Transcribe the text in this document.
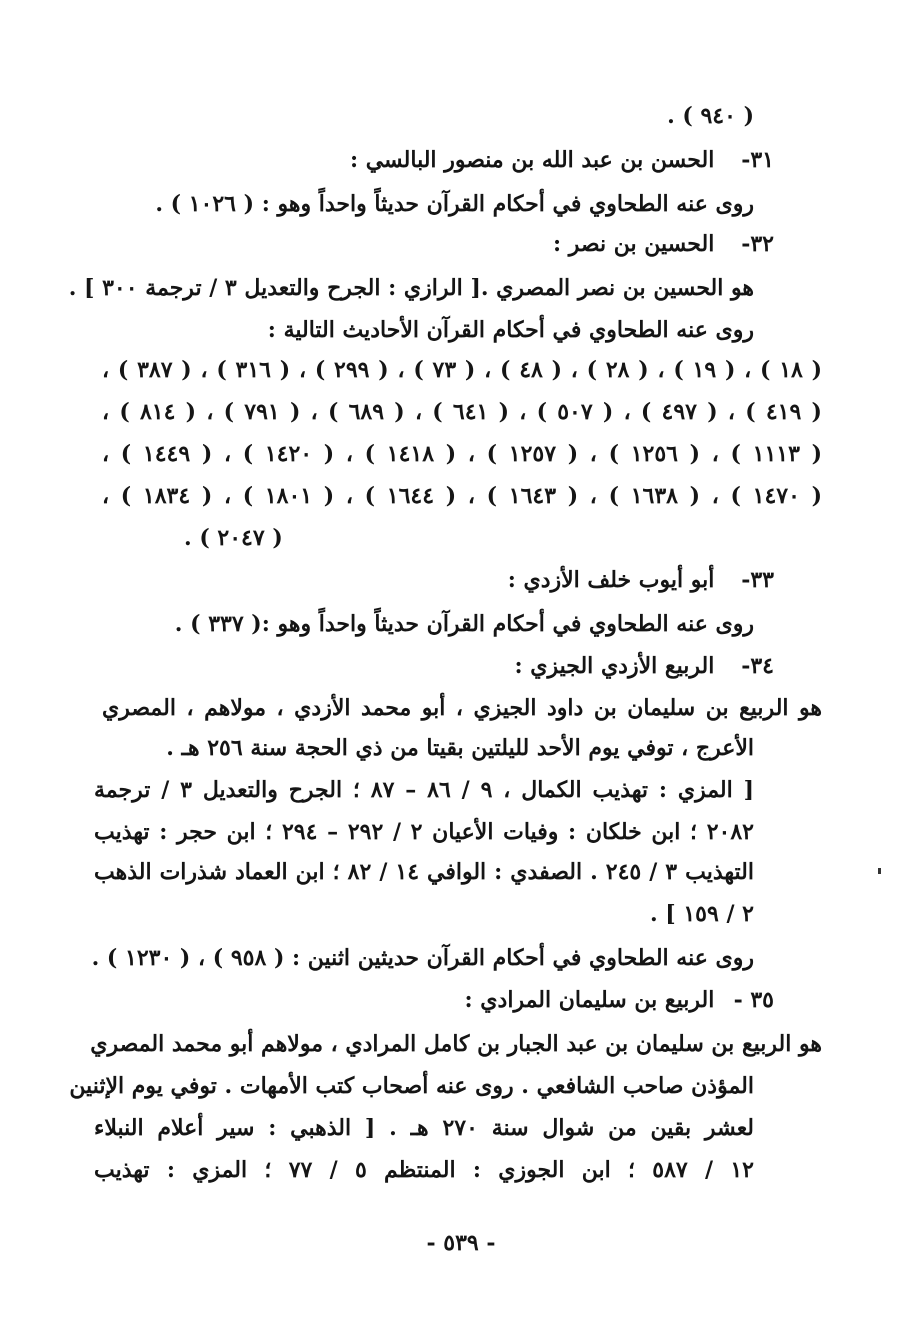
( ٩٤٠ ) .
٣١- الحسن بن عبد الله بن منصور البالسي :
روى عنه الطحاوي في أحكام القرآن حديثاً واحداً وهو : ( ١٠٢٦ ) .
٣٢- الحسين بن نصر :
هو الحسين بن نصر المصري .[ الرازي : الجرح والتعديل ٣ / ترجمة ٣٠٠ ] .
روى عنه الطحاوي في أحكام القرآن الأحاديث التالية :
( ١٨ ) ، ( ١٩ ) ، ( ٢٨ ) ، ( ٤٨ ) ، ( ٧٣ ) ، ( ٢٩٩ ) ، ( ٣١٦ ) ، ( ٣٨٧ ) ،
( ٤١٩ ) ، ( ٤٩٧ ) ، ( ٥٠٧ ) ، ( ٦٤١ ) ، ( ٦٨٩ ) ، ( ٧٩١ ) ، ( ٨١٤ ) ،
( ١١١٣ ) ، ( ١٢٥٦ ) ، ( ١٢٥٧ ) ، ( ١٤١٨ ) ، ( ١٤٢٠ ) ، ( ١٤٤٩ ) ،
( ١٤٧٠ ) ، ( ١٦٣٨ ) ، ( ١٦٤٣ ) ، ( ١٦٤٤ ) ، ( ١٨٠١ ) ، ( ١٨٣٤ ) ،
( ٢٠٤٧ ) .
٣٣- أبو أيوب خلف الأزدي :
روى عنه الطحاوي في أحكام القرآن حديثاً واحداً وهو :( ٣٣٧ ) .
٣٤- الربيع الأزدي الجيزي :
هو الربيع بن سليمان بن داود الجيزي ، أبو محمد الأزدي ، مولاهم ، المصري
الأعرج ، توفي يوم الأحد لليلتين بقيتا من ذي الحجة سنة ٢٥٦ هـ .
[ المزي : تهذيب الكمال ، ٩ / ٨٦ – ٨٧ ؛ الجرح والتعديل ٣ / ترجمة
٢٠٨٢ ؛ ابن خلكان : وفيات الأعيان ٢ / ٢٩٢ – ٢٩٤ ؛ ابن حجر : تهذيب
التهذيب ٣ / ٢٤٥ . الصفدي : الوافي ١٤ / ٨٢ ؛ ابن العماد شذرات الذهب
٢ / ١٥٩ ] .
روى عنه الطحاوي في أحكام القرآن حديثين اثنين : ( ٩٥٨ ) ، ( ١٢٣٠ ) .
٣٥ - الربيع بن سليمان المرادي :
هو الربيع بن سليمان بن عبد الجبار بن كامل المرادي ، مولاهم أبو محمد المصري
المؤذن صاحب الشافعي . روى عنه أصحاب كتب الأمهات . توفي يوم الإثنين
لعشر بقين من شوال سنة ٢٧٠ هـ . [ الذهبي : سير أعلام النبلاء
١٢ / ٥٨٧ ؛ ابن الجوزي : المنتظم ٥ / ٧٧ ؛ المزي : تهذيب
- ٥٣٩ -
